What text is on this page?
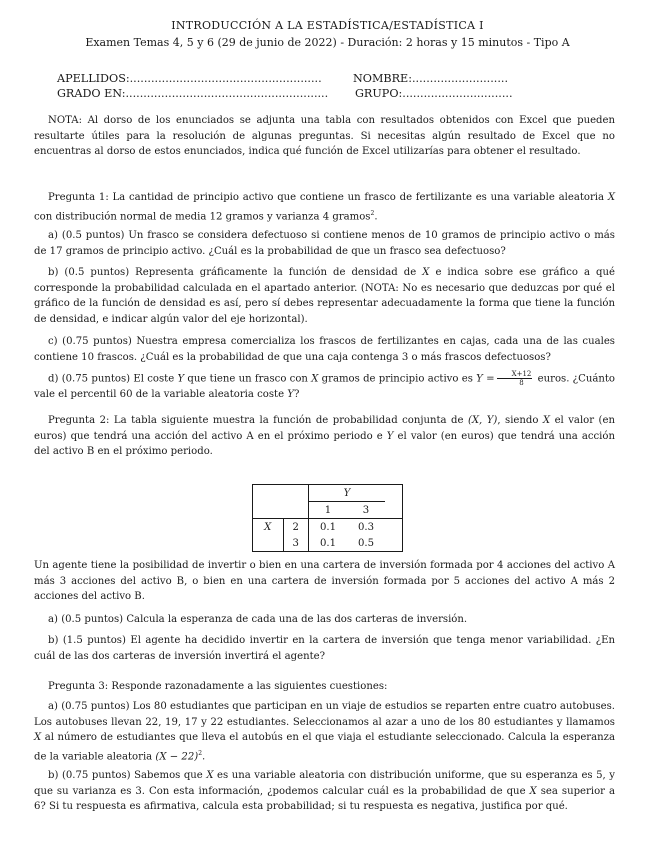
INTRODUCCIÓN A LA ESTADÍSTICA/ESTADÍSTICA I
Examen Temas 4, 5 y 6 (29 de junio de 2022) - Duración: 2 horas y 15 minutos - Tipo A
APELLIDOS:......................................................	NOMBRE:...........................
GRADO EN:......................................................... GRUPO:...............................

NOTA: Al dorso de los enunciados se adjunta una tabla con resultados obtenidos con Excel que pueden resultarte útiles para la resolución de algunas preguntas. Si necesitas algún resultado de Excel que no encuentras al dorso de estos enunciados, indica qué función de Excel utilizarías para obtener el resultado.

Pregunta 1: La cantidad de principio activo que contiene un frasco de fertilizante es una variable aleatoria X con distribución normal de media 12 gramos y varianza 4 gramos$^2$.

a) (0.5 puntos) Un frasco se considera defectuoso si contiene menos de 10 gramos de principio activo o más de 17 gramos de principio activo. ¿Cuál es la probabilidad de que un frasco sea defectuoso?

b) (0.5 puntos) Representa gráficamente la función de densidad de X e indica sobre ese gráfico a qué corresponde la probabilidad calculada en el apartado anterior. (NOTA: No es necesario que deduzcas por qué el gráfico de la función de densidad es así, pero sí debes representar adecuadamente la forma que tiene la función de densidad, e indicar algún valor del eje horizontal).

c) (0.75 puntos) Nuestra empresa comercializa los frascos de fertilizantes en cajas, cada una de las cuales contiene 10 frascos. ¿Cuál es la probabilidad de que una caja contenga 3 o más frascos defectuosos?

d) (0.75 puntos) El coste Y que tiene un frasco con X gramos de principio activo es $Y = \frac{X+12}{8}$ euros. ¿Cuánto vale el percentil 60 de la variable aleatoria coste Y?

Pregunta 2: La tabla siguiente muestra la función de probabilidad conjunta de (X, Y), siendo X el valor (en euros) que tendrá una acción del activo A en el próximo periodo e Y el valor (en euros) que tendrá una acción del activo B en el próximo periodo.

		Y		
		1	3	
X	2	0.1	0.3	
	3	0.1	0.5	

Un agente tiene la posibilidad de invertir o bien en una cartera de inversión formada por 4 acciones del activo A más 3 acciones del activo B, o bien en una cartera de inversión formada por 5 acciones del activo A más 2 acciones del activo B.

a) (0.5 puntos) Calcula la esperanza de cada una de las dos carteras de inversión.

b) (1.5 puntos) El agente ha decidido invertir en la cartera de inversión que tenga menor variabilidad. ¿En cuál de las dos carteras de inversión invertirá el agente?

Pregunta 3: Responde razonadamente a las siguientes cuestiones:

a) (0.75 puntos) Los 80 estudiantes que participan en un viaje de estudios se reparten entre cuatro autobuses. Los autobuses llevan 22, 19, 17 y 22 estudiantes. Seleccionamos al azar a uno de los 80 estudiantes y llamamos X al número de estudiantes que lleva el autobús en el que viaja el estudiante seleccionado. Calcula la esperanza de la variable aleatoria $(X - 22)^2$.

b) (0.75 puntos) Sabemos que X es una variable aleatoria con distribución uniforme, que su esperanza es 5, y que su varianza es 3. Con esta información, ¿podemos calcular cuál es la probabilidad de que X sea superior a 6? Si tu respuesta es afirmativa, calcula esta probabilidad; si tu respuesta es negativa, justifica por qué.
